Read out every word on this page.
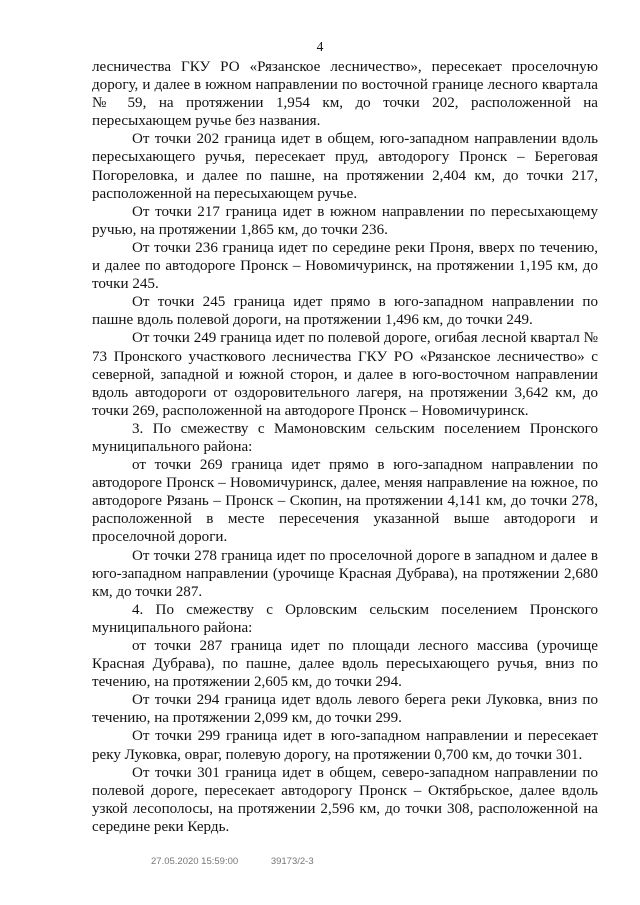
4

лесничества ГКУ РО «Рязанское лесничество», пересекает проселочную дорогу, и далее в южном направлении по восточной границе лесного квартала № 59, на протяжении 1,954 км, до точки 202, расположенной на пересыхающем ручье без названия.

От точки 202 граница идет в общем, юго-западном направлении вдоль пересыхающего ручья, пересекает пруд, автодорогу Пронск – Береговая Погореловка, и далее по пашне, на протяжении 2,404 км, до точки 217, расположенной на пересыхающем ручье.

От точки 217 граница идет в южном направлении по пересыхающему ручью, на протяжении 1,865 км, до точки 236.

От точки 236 граница идет по середине реки Проня, вверх по течению, и далее по автодороге Пронск – Новомичуринск, на протяжении 1,195 км, до точки 245.

От точки 245 граница идет прямо в юго-западном направлении по пашне вдоль полевой дороги, на протяжении 1,496 км, до точки 249.

От точки 249 граница идет по полевой дороге, огибая лесной квартал № 73 Пронского участкового лесничества ГКУ РО «Рязанское лесничество» с северной, западной и южной сторон, и далее в юго-восточном направлении вдоль автодороги от оздоровительного лагеря, на протяжении 3,642 км, до точки 269, расположенной на автодороге Пронск – Новомичуринск.

3. По смежеству с Мамоновским сельским поселением Пронского муниципального района:

от точки 269 граница идет прямо в юго-западном направлении по автодороге Пронск – Новомичуринск, далее, меняя направление на южное, по автодороге Рязань – Пронск – Скопин, на протяжении 4,141 км, до точки 278, расположенной в месте пересечения указанной выше автодороги и проселочной дороги.

От точки 278 граница идет по проселочной дороге в западном и далее в юго-западном направлении (урочище Красная Дубрава), на протяжении 2,680 км, до точки 287.

4. По смежеству с Орловским сельским поселением Пронского муниципального района:

от точки 287 граница идет по площади лесного массива (урочище Красная Дубрава), по пашне, далее вдоль пересыхающего ручья, вниз по течению, на протяжении 2,605 км, до точки 294.

От точки 294 граница идет вдоль левого берега реки Луковка, вниз по течению, на протяжении 2,099 км, до точки 299.

От точки 299 граница идет в юго-западном направлении и пересекает реку Луковка, овраг, полевую дорогу, на протяжении 0,700 км, до точки 301.

От точки 301 граница идет в общем, северо-западном направлении по полевой дороге, пересекает автодорогу Пронск – Октябрьское, далее вдоль узкой лесополосы, на протяжении 2,596 км, до точки 308, расположенной на середине реки Кердь.

27.05.2020 15:59:00	39173/2-3
